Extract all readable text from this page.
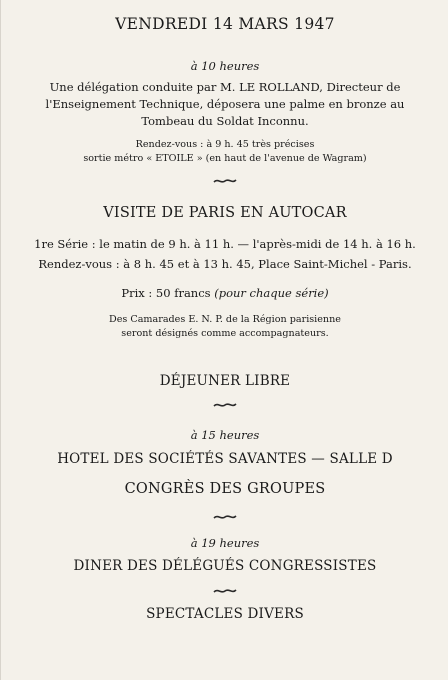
VENDREDI 14 MARS 1947
à 10 heures
Une délégation conduite par M. LE ROLLAND, Directeur de
l'Enseignement Technique, déposera une palme en bronze au
Tombeau du Soldat Inconnu.
Rendez-vous : à 9 h. 45 très précises
sortie métro « ETOILE » (en haut de l'avenue de Wagram)
VISITE DE PARIS EN AUTOCAR
1re Série : le matin de 9 h. à 11 h. — l'après-midi de 14 h. à 16 h.
Rendez-vous : à 8 h. 45 et à 13 h. 45, Place Saint-Michel - Paris.
Prix : 50 francs (pour chaque série)
Des Camarades E. N. P. de la Région parisienne
seront désignés comme accompagnateurs.
DÉJEUNER LIBRE
à 15 heures
HOTEL DES SOCIÉTÉS SAVANTES — SALLE D
CONGRÈS DES GROUPES
à 19 heures
DINER DES DÉLÉGUÉS CONGRESSISTES
SPECTACLES DIVERS
